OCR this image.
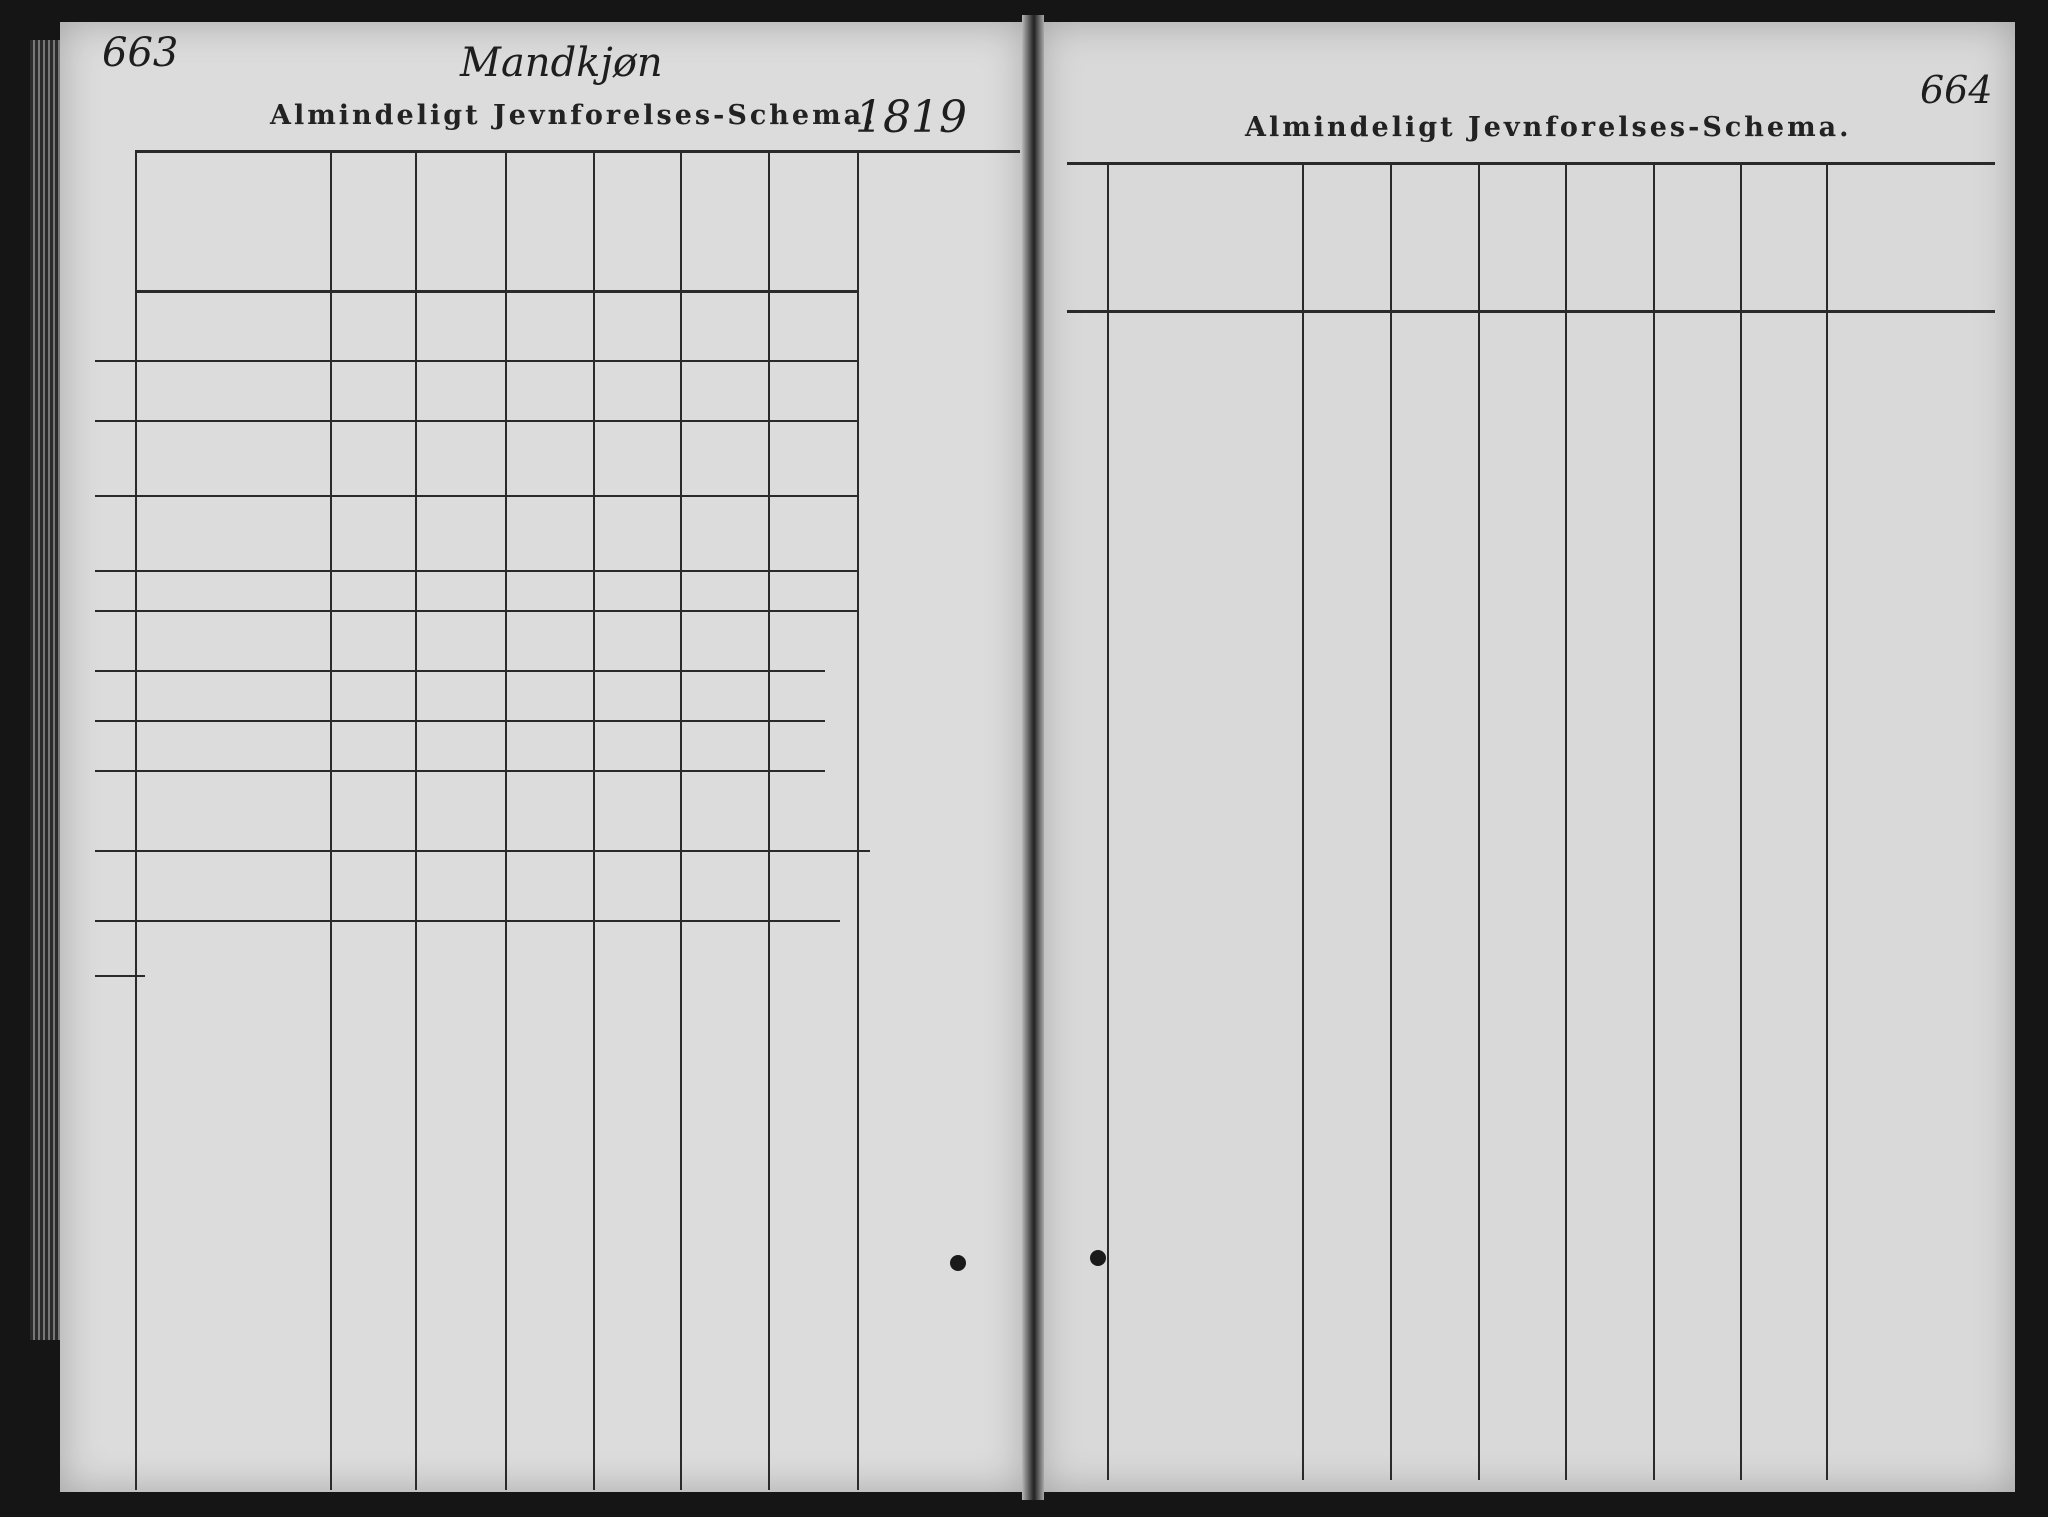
663	Mandkjøn
Almindeligt Jevnforelses-Schema.
1819
664
Almindeligt Jevnforelses-Schema.
